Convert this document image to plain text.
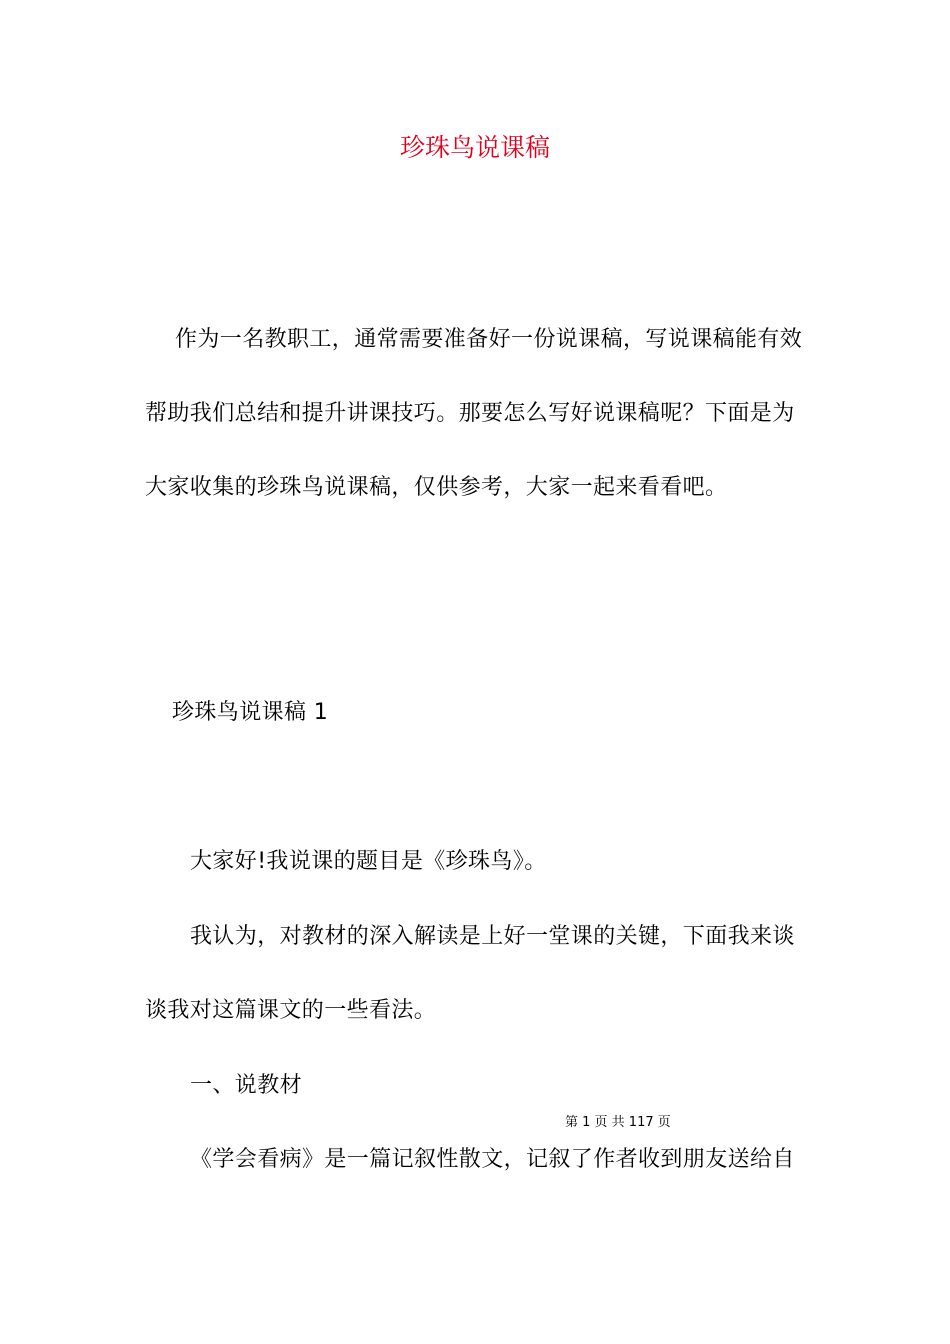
珍珠鸟说课稿
作为一名教职工，通常需要准备好一份说课稿，写说课稿能有效
帮助我们总结和提升讲课技巧。那要怎么写好说课稿呢？下面是为
大家收集的珍珠鸟说课稿，仅供参考，大家一起来看看吧。
珍珠鸟说课稿 1
大家好!我说课的题目是《珍珠鸟》。
我认为，对教材的深入解读是上好一堂课的关键，下面我来谈
谈我对这篇课文的一些看法。
一、说教材
第 1 页 共 117 页
《学会看病》是一篇记叙性散文，记叙了作者收到朋友送给自
